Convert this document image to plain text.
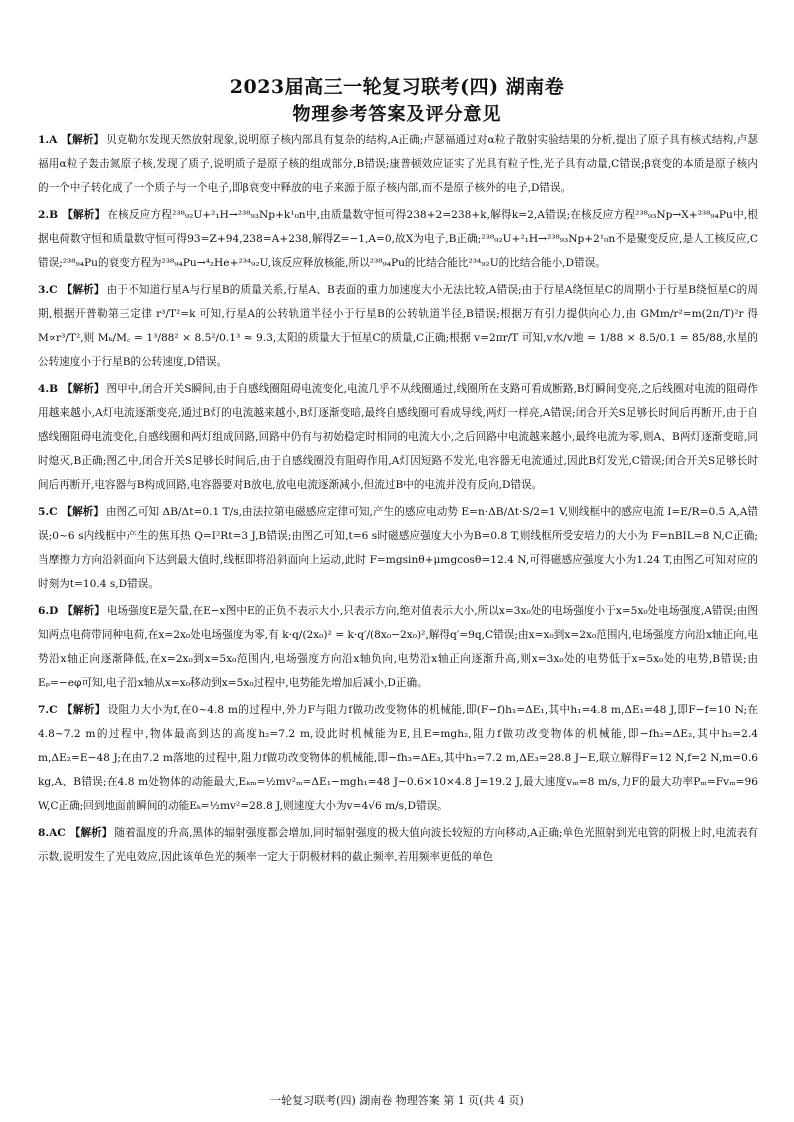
2023届高三一轮复习联考(四) 湖南卷
物理参考答案及评分意见

1.A 【解析】 贝克勒尔发现天然放射现象,说明原子核内部具有复杂的结构,A正确;卢瑟福通过对α粒子散射实验结果的分析,提出了原子具有核式结构,卢瑟福用α粒子轰击氮原子核,发现了质子,说明质子是原子核的组成部分,B错误;康普顿效应证实了光具有粒子性,光子具有动量,C错误;β衰变的本质是原子核内的一个中子转化成了一个质子与一个电子,即β衰变中释放的电子来源于原子核内部,而不是原子核外的电子,D错误。

2.B 【解析】 在核反应方程²³⁸₉₂U+²₁H→²³⁸₉₃Np+k¹₀n中,由质量数守恒可得238+2=238+k,解得k=2,A错误;在核反应方程²³⁸₉₃Np→X+²³⁸₉₄Pu中,根据电荷数守恒和质量数守恒可得93=Z+94,238=A+238,解得Z=−1,A=0,故X为电子,B正确;²³⁸₉₂U+²₁H→²³⁸₉₃Np+2¹₀n不是聚变反应,是人工核反应,C错误;²³⁸₉₄Pu的衰变方程为²³⁸₉₄Pu→⁴₂He+²³⁴₉₂U,该反应释放核能,所以²³⁸₉₄Pu的比结合能比²³⁴₉₂U的比结合能小,D错误。

3.C 【解析】 由于不知道行星A与行星B的质量关系,行星A、B表面的重力加速度大小无法比较,A错误;由于行星A绕恒星C的周期小于行星B绕恒星C的周期,根据开普勒第三定律 r³/T²=k 可知,行星A的公转轨道半径小于行星B的公转轨道半径,B错误;根据万有引力提供向心力,由 GMm/r²=m(2π/T)²r 得 M∝r³/T²,则 Mₖ/M꜀ = 1³/88² × 8.5²/0.1³ ≈ 9.3,太阳的质量大于恒星C的质量,C正确;根据 v=2πr/T 可知,v水/v地 = 1/88 × 8.5/0.1 = 85/88,水星的公转速度小于行星B的公转速度,D错误。

4.B 【解析】 图甲中,闭合开关S瞬间,由于自感线圈阻碍电流变化,电流几乎不从线圈通过,线圈所在支路可看成断路,B灯瞬间变亮,之后线圈对电流的阻碍作用越来越小,A灯电流逐渐变亮,通过B灯的电流越来越小,B灯逐渐变暗,最终自感线圈可看成导线,两灯一样亮,A错误;闭合开关S足够长时间后再断开,由于自感线圈阻碍电流变化,自感线圈和两灯组成回路,回路中仍有与初始稳定时相同的电流大小,之后回路中电流越来越小,最终电流为零,则A、B两灯逐渐变暗,同时熄灭,B正确;图乙中,闭合开关S足够长时间后,由于自感线圈没有阻碍作用,A灯因短路不发光,电容器无电流通过,因此B灯发光,C错误;闭合开关S足够长时间后再断开,电容器与B构成回路,电容器要对B放电,放电电流逐渐减小,但流过B中的电流并没有反向,D错误。

5.C 【解析】 由图乙可知 ΔB/Δt=0.1 T/s,由法拉第电磁感应定律可知,产生的感应电动势 E=n·ΔB/Δt·S/2=1 V,则线框中的感应电流 I=E/R=0.5 A,A错误;0~6 s内线框中产生的焦耳热 Q=I²Rt=3 J,B错误;由图乙可知,t=6 s时磁感应强度大小为B=0.8 T,则线框所受安培力的大小为 F=nBIL=8 N,C正确;当摩擦力方向沿斜面向下达到最大值时,线框即将沿斜面向上运动,此时 F=mgsinθ+μmgcosθ=12.4 N,可得磁感应强度大小为1.24 T,由图乙可知对应的时刻为t=10.4 s,D错误。

6.D 【解析】 电场强度E是矢量,在E−x图中E的正负不表示大小,只表示方向,绝对值表示大小,所以x=3x₀处的电场强度小于x=5x₀处电场强度,A错误;由图知两点电荷带同种电荷,在x=2x₀处电场强度为零,有 k·q/(2x₀)² = k·q′/(8x₀−2x₀)²,解得q′=9q,C错误;由x=x₀到x=2x₀范围内,电场强度方向沿x轴正向,电势沿x轴正向逐渐降低,在x=2x₀到x=5x₀范围内,电场强度方向沿x轴负向,电势沿x轴正向逐渐升高,则x=3x₀处的电势低于x=5x₀处的电势,B错误;由Eₚ=−eφ可知,电子沿x轴从x=x₀移动到x=5x₀过程中,电势能先增加后减小,D正确。

7.C 【解析】 设阻力大小为f,在0~4.8 m的过程中,外力F与阻力f做功改变物体的机械能,即(F−f)h₁=ΔE₁,其中h₁=4.8 m,ΔE₁=48 J,即F−f=10 N;在4.8~7.2 m的过程中,物体最高到达的高度h₂=7.2 m,设此时机械能为E,且E=mgh₂,阻力f做功改变物体的机械能,即−fh₂=ΔE₂,其中h₂=2.4 m,ΔE₂=E−48 J;在由7.2 m落地的过程中,阻力f做功改变物体的机械能,即−fh₃=ΔE₃,其中h₃=7.2 m,ΔE₃=28.8 J−E,联立解得F=12 N,f=2 N,m=0.6 kg,A、B错误;在4.8 m处物体的动能最大,Eₖₘ=½mv²ₘ=ΔE₁−mgh₁=48 J−0.6×10×4.8 J=19.2 J,最大速度vₘ=8 m/s,力F的最大功率Pₘ=Fvₘ=96 W,C正确;回到地面前瞬间的动能Eₖ=½mv²=28.8 J,则速度大小为v=4√6 m/s,D错误。

8.AC 【解析】 随着温度的升高,黑体的辐射强度都会增加,同时辐射强度的极大值向波长较短的方向移动,A正确;单色光照射到光电管的阴极上时,电流表有示数,说明发生了光电效应,因此该单色光的频率一定大于阴极材料的截止频率,若用频率更低的单色

一轮复习联考(四) 湖南卷 物理答案 第 1 页(共 4 页)
